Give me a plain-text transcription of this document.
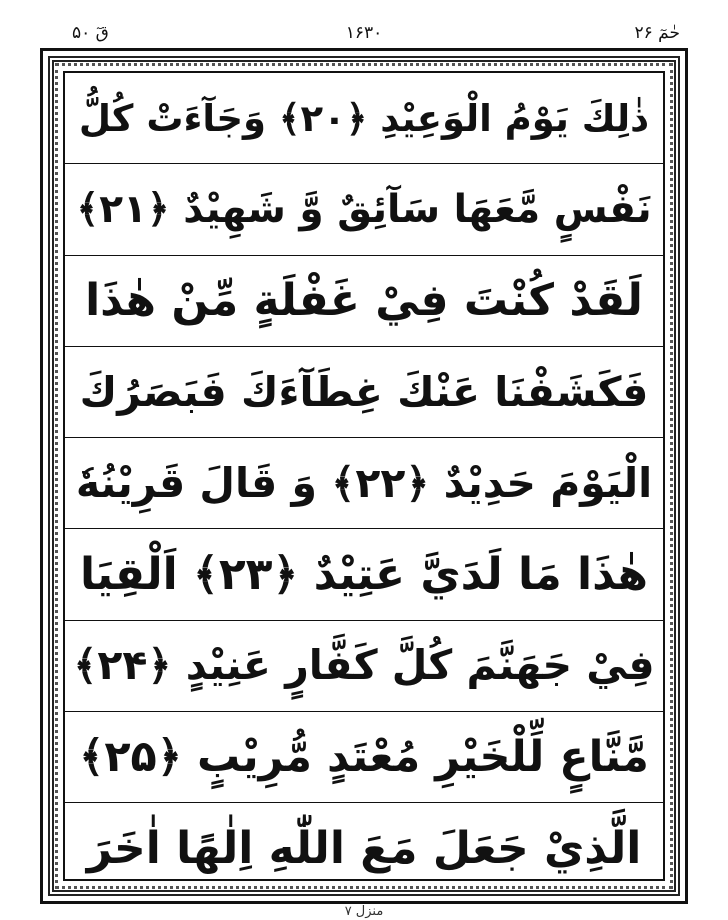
قٓ ۵۰	۱۶۳۰	حٰمٓ ۲۶
ذٰلِكَ يَوْمُ الْوَعِيْدِ ﴿۲۰﴾ وَجَآءَتْ كُلُّ
نَفْسٍ مَّعَهَا سَآئِقٌ وَّ شَهِيْدٌ ﴿۲۱﴾
لَقَدْ كُنْتَ فِيْ غَفْلَةٍ مِّنْ هٰذَا
فَكَشَفْنَا عَنْكَ غِطَآءَكَ فَبَصَرُكَ
الْيَوْمَ حَدِيْدٌ ﴿۲۲﴾ وَ قَالَ قَرِيْنُهٗ
هٰذَا مَا لَدَيَّ عَتِيْدٌ ﴿۲۳﴾ اَلْقِيَا
فِيْ جَهَنَّمَ كُلَّ كَفَّارٍ عَنِيْدٍ ﴿۲۴﴾
مَّنَّاعٍ لِّلْخَيْرِ مُعْتَدٍ مُّرِيْبٍ ﴿۲۵﴾
الَّذِيْ جَعَلَ مَعَ اللّٰهِ اِلٰهًا اٰخَرَ
منزل ۷
